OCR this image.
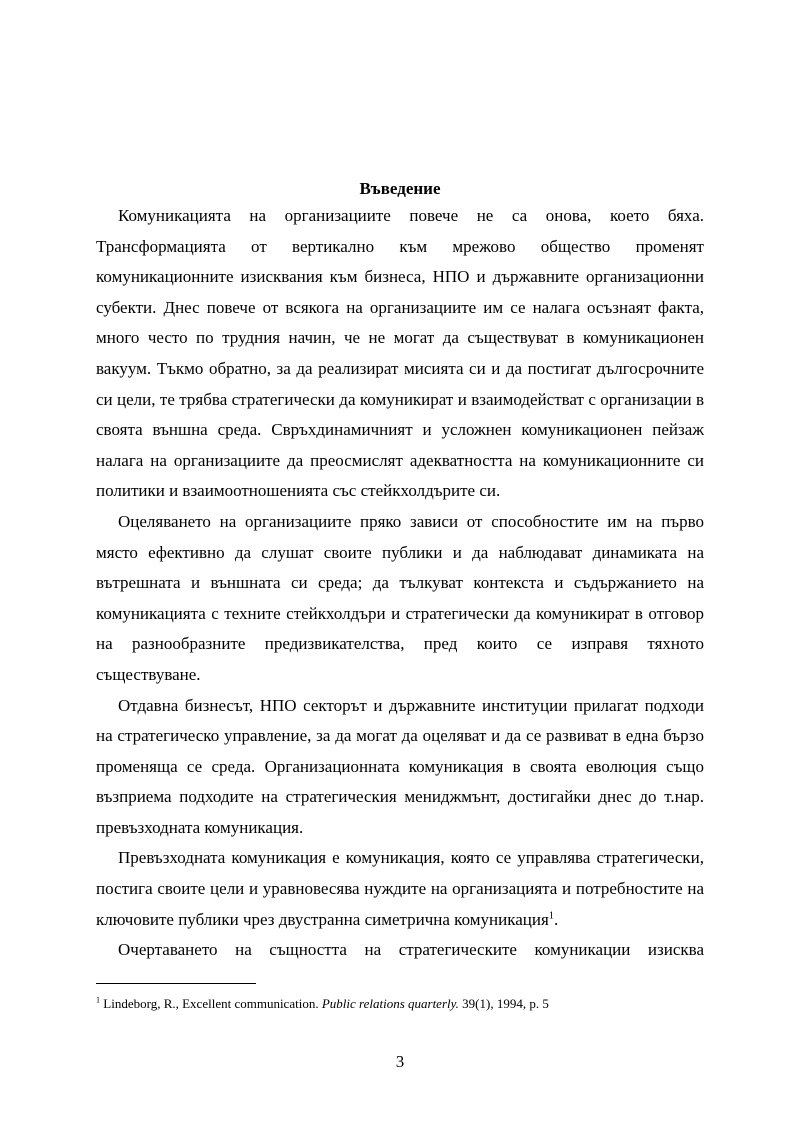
Въведение

Комуникацията на организациите повече не са онова, което бяха. Трансформацията от вертикално към мрежово общество променят комуникационните изисквания към бизнеса, НПО и държавните организационни субекти. Днес повече от всякога на организациите им се налага осъзнаят факта, много често по трудния начин, че не могат да съществуват в комуникационен вакуум. Тъкмо обратно, за да реализират мисията си и да постигат дългосрочните си цели, те трябва стратегически да комуникират и взаимодействат с организации в своята външна среда. Свръхдинамичният и усложнен комуникационен пейзаж налага на организациите да преосмислят адекватността на комуникационните си политики и взаимоотношенията със стейкхолдърите си.

Оцеляването на организациите пряко зависи от способностите им на първо място ефективно да слушат своите публики и да наблюдават динамиката на вътрешната и външната си среда; да тълкуват контекста и съдържанието на комуникацията с техните стейкхолдъри и стратегически да комуникират в отговор на разнообразните предизвикателства, пред които се изправя тяхното съществуване.

Отдавна бизнесът, НПО секторът и държавните институции прилагат подходи на стратегическо управление, за да могат да оцеляват и да се развиват в една бързо променяща се среда. Организационната комуникация в своята еволюция също възприема подходите на стратегическия мениджмънт, достигайки днес до т.нар. превъзходната комуникация.

Превъзходната комуникация е комуникация, която се управлява стратегически, постига своите цели и уравновесява нуждите на организацията и потребностите на ключовите публики чрез двустранна симетрична комуникация$^1$.

Очертаването на същността на стратегическите комуникации изисква

$^1$ Lindeborg, R., Excellent communication. Public relations quarterly. 39(1), 1994, p. 5

3
